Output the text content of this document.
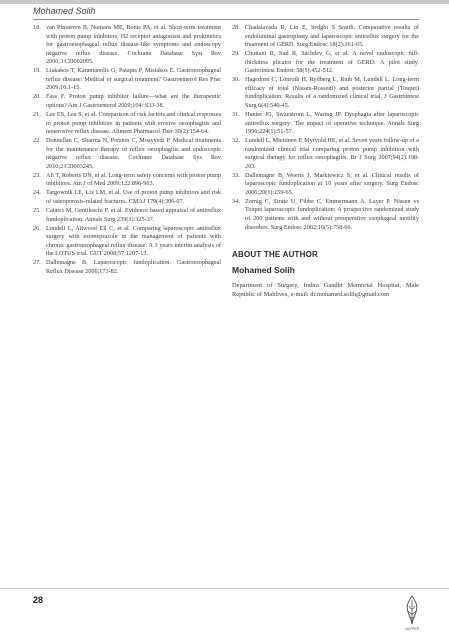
Mohamed Solih
18. van Pinxteren B, Numans ME, Bonis PA, et al. Short-term treatment with proton pump inhibitors, H2 receptor antagonists and prokinetics for gastroesophageal reflux disease-like symptoms and endoscopy negative reflux disease. Cochrane Database Syst Rev 2006;3:CD002095.
19. Liakakos T, Karamanolis G, Patapis P, Misiakos E. Gastroesophageal reflux disease: Medical or surgical treatment? Gastroenterol Res Prac 2009;10:1-15.
20. Fass F. Proton pump inhibitor failure—what are the therapeutic options? Am J Gastroenterol 2009;104: S33-38.
21. Lee ES, Lee S, et al. Comparison of risk factors and clinical responses to proton pump inhibitors in patients with erosive oesophagitis and nonerosive reflux disease. Aliment Pharmacol Ther 30(2):154-64.
22. Donnellan C, Sharma N, Preston C, Moayyedi P. Medical treatments for the maintenance therapy of reflux oesophagitis and endoscopic negative reflux disease. Cochrane Database Sys Rev 2010;2:CD003245.
23. Ali T, Roberts DN, et al. Long-term safety concerns with proton pump inhibitors. Am J of Med 2009;122:896-903.
24. Targownik LE, Lix LM, et al. Use of proton pump inhibitors and risk of osteoporosis-related fractures. CMAJ 179(4):306-07.
25. Catarci M, Gentileschi P, et al. Evidence based appraisal of antireflux fundoplication. Annals Surg 239(3):325-37.
26. Lundell L, Attwood Ell C, et al. Comparing laparoscopic antireflux surgery with esomeprazole in the management of patients with chronic gastroesophageal reflux disease: A 3 years interim analysis of the LOTUS trial. GUT 2008;57:1207-13.
27. Dallemagne B. Laparoscopic fundoplication. Gastroesophageal Reflux Disease 2006;173-82.
28. Chadalavada R, Lin E, Sedghi S Smith. Comparative results of endoluminal gastroplasty and laparoscopic antireflux surgery for the treatment of GERD. Surg Endosc 18(2):261-65.
29. Chuttani R, Sud R, Sachdev G, et al. A novel endoscopic full-thickness plicator for the treatment of GERD: A pilot study. Gastrointest Endosc 58(5):452-512.
30. Hagedorn C, Lönroth H, Rydberg L, Ruth M, Lundell L. Long-term efficacy of total (Nissen-Rossetti) and posterior partial (Toupet) fundoplication: Results of a randomized clinical trial. J Gastrointest Surg 6(4):540-45.
31. Hunter JG, Swanstrom L, Waring JP. Dysphagia after laparoscopic antireflux surgery: The impact of operative technique. Annals Surg 1996;224(1):51-57.
32. Lundell L, Miettinen P, Myrvold HE, et al. Seven years follow-up of a randomized clinical trial comparing proton pump inhibition with surgical therapy for reflux oesophagitis. Br J Surg 2007;94(2):198-203.
33. Dallemagne B, Weerts J, Markiewicz S, et al. Clinical results of laparoscopic fundoplication at 10 years after surgery. Surg Endosc 2006;20(1):159-65.
34. Zornig C, Strate U, Fibbe C, Emmermann A, Layer P. Nissen vs Toupet laparoscopic fundoplication: A prospective randomized study of 200 patients with and without preoperative esophageal motility disorders. Surg Endosc 2002;16(5):758-66.
ABOUT THE AUTHOR
Mohamed Solih
Department of Surgery, Indira Gandhi Memorial Hospital, Male Republic of Maldives, e-mail: dr.mohamed.solih@gmail.com
28
JAYPEE
